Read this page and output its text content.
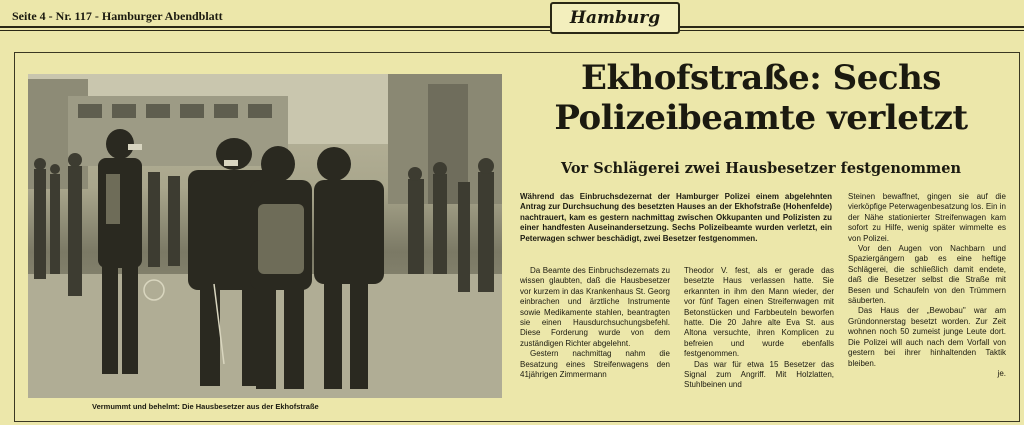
Seite 4 - Nr. 117 - Hamburger Abendblatt	Hamburg
Vermummt und behelmt: Die Hausbesetzer aus der Ekhofstraße
Ekhofstraße: Sechs Polizeibeamte verletzt
Vor Schlägerei zwei Hausbesetzer festgenommen
Während das Einbruchsdezernat der Hamburger Polizei einem abgelehnten Antrag zur Durchsuchung des besetzten Hauses an der Ekhofstraße (Hohenfelde) nachtrauert, kam es gestern nachmittag zwischen Okkupanten und Polizisten zu einer handfesten Auseinandersetzung. Sechs Polizeibeamte wurden verletzt, ein Peterwagen schwer beschädigt, zwei Besetzer festgenommen.

Da Beamte des Einbruchsdezernats zu wissen glaubten, daß die Hausbesetzer vor kurzem in das Krankenhaus St. Georg einbrachen und ärztliche Instrumente sowie Medikamente stahlen, beantragten sie einen Hausdurchsuchungsbefehl. Diese Forderung wurde von dem zuständigen Richter abgelehnt.

Gestern nachmittag nahm die Besatzung eines Streifenwagens den 41jährigen Zimmermann

Theodor V. fest, als er gerade das besetzte Haus verlassen hatte. Sie erkannten in ihm den Mann wieder, der vor fünf Tagen einen Streifenwagen mit Betonstücken und Farbbeuteln beworfen hatte. Die 20 Jahre alte Eva St. aus Altona versuchte, ihren Komplicen zu befreien und wurde ebenfalls festgenommen.

Das war für etwa 15 Besetzer das Signal zum Angriff. Mit Holzlatten, Stuhlbeinen und

Steinen bewaffnet, gingen sie auf die vierköpfige Peterwagenbesatzung los. Ein in der Nähe stationierter Streifenwagen kam sofort zu Hilfe, wenig später wimmelte es von Polizei.

Vor den Augen von Nachbarn und Spaziergängern gab es eine heftige Schlägerei, die schließlich damit endete, daß die Besetzer selbst die Straße mit Besen und Schaufeln von den Trümmern säuberten.

Das Haus der „Bewobau" war am Gründonnerstag besetzt worden. Zur Zeit wohnen noch 50 zumeist junge Leute dort. Die Polizei will auch nach dem Vorfall von gestern bei ihrer hinhaltenden Taktik bleiben.

je.
